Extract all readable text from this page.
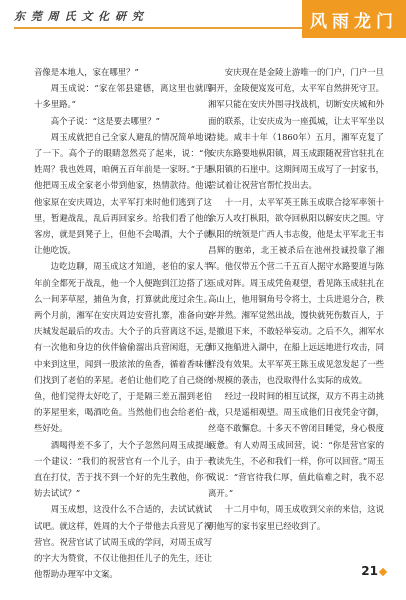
东 莞 周 氏 文 化 研 究	风雨龙门

音像是本地人，家在哪里？”

周玉成说：“家在邻县建德，离这里也就四十多里路。”

高个子说：“这是要去哪里？”

周玉成就把自己全家人避乱的情况简单地说了一下。高个子的眼睛忽然亮了起来，说：“你姓周？我也姓周，咱俩五百年前是一家呀。”于是他把周玉成全家老小带到他家，热情款待。他说他家原在安庆周边，太平军打来时他们逃到了这里，暂避战乱，乱后再回家乡。给我们看了他的客房，就是到凳子上，但他不会喝酒，大个子就让他吃饭。

边吃边聊，周玉成这才知道，老伯的家人半年前全都死于战乱，他一个人便跑到江边搭了这么一间茅草屋，捕鱼为食，打算就此度过余生。两个月前，湘军在安庆周边安营扎寨，准备向安庆城发起最后的攻击。大个子的兵营离这不远，有一次他和身边的伙伴偷偷溜出兵营闲逛，无意中来到这里，闻到一股浓浓的鱼香，循着香味他们找到了老伯的茅屋。老伯让他们吃了自己烧的鱼，他们觉得太好吃了，于是隔三差五溜到老伯的茅屋里来，喝酒吃鱼。当然他们也会给老伯一些好处。

酒喝得差不多了，大个子忽然问周玉成提出一个建议：“我们的祝营官有一个儿子，由于一直在打仗，苦于找不到一个好的先生教他，你不妨去试试？”

周玉成想，这没什么不合适的，去试试就试试吧。就这样，姓周的大个子带他去兵营见了祝营官。祝营官试了试周玉成的学问，对周玉成写的字大为赞赏，不仅让他担任儿子的先生，还让他帮助办理军中文案。

安庆现在是金陵上游唯一的门户，门户一旦洞开，金陵便岌岌可危，太平军自然拼死守卫。湘军只能在安庆外围寻找战机，切断安庆城和外面的联系，让安庆成为一座孤城，让太平军坐以待毙。咸丰十年（1860年）五月，湘军克复了安庆东路要地枞阳镇，周玉成跟随祝营官驻扎在枞阳镇的石崖中。这期间周玉成写了一封家书，尝试着让祝营官帮忙投出去。

十一月，太平军英王陈玉成联合捻军率领十余万人攻打枞阳，欲夺回枞阳以解安庆之围。守枞阳的统领是广西人韦志俊，他是太平军北王韦昌辉的胞弟，北王被杀后在池州投诚投靠了湘军。他仅带五个营二千五百人据守水路要道与陈玉成对阵。周玉成凭鱼观望，看见陈玉成驻扎在高山上，他用铜角号令将士，士兵进退分合，秩序并然。湘军觉然出战，馒快就死伤数百人，于是撤退下来，不敢轻举妄动。之后不久，湘军水师又拖船进入湖中，在船上远远地进行攻击，同样没有效果。太平军英王陈玉成见忽发起了一些小规模的袭击，也没取得什么实际的成效。

经过一段时间的相互试探，双方不再主动挑战，只是遥相观望。周玉成他们日夜凭金守御，丝毫不敢懈怠。十多天不曾闭目睡觉，身心极度疲惫。有人劝周玉成回营，说：“你是营官家的教读先生，不必和我们一样，你可以回营。”周玉成说：“营官待我仁厚，值此临难之时，我不忍离开。”

十二月中旬，周玉成收到父亲的来信，这说明他写的家书家里已经收到了。

21
